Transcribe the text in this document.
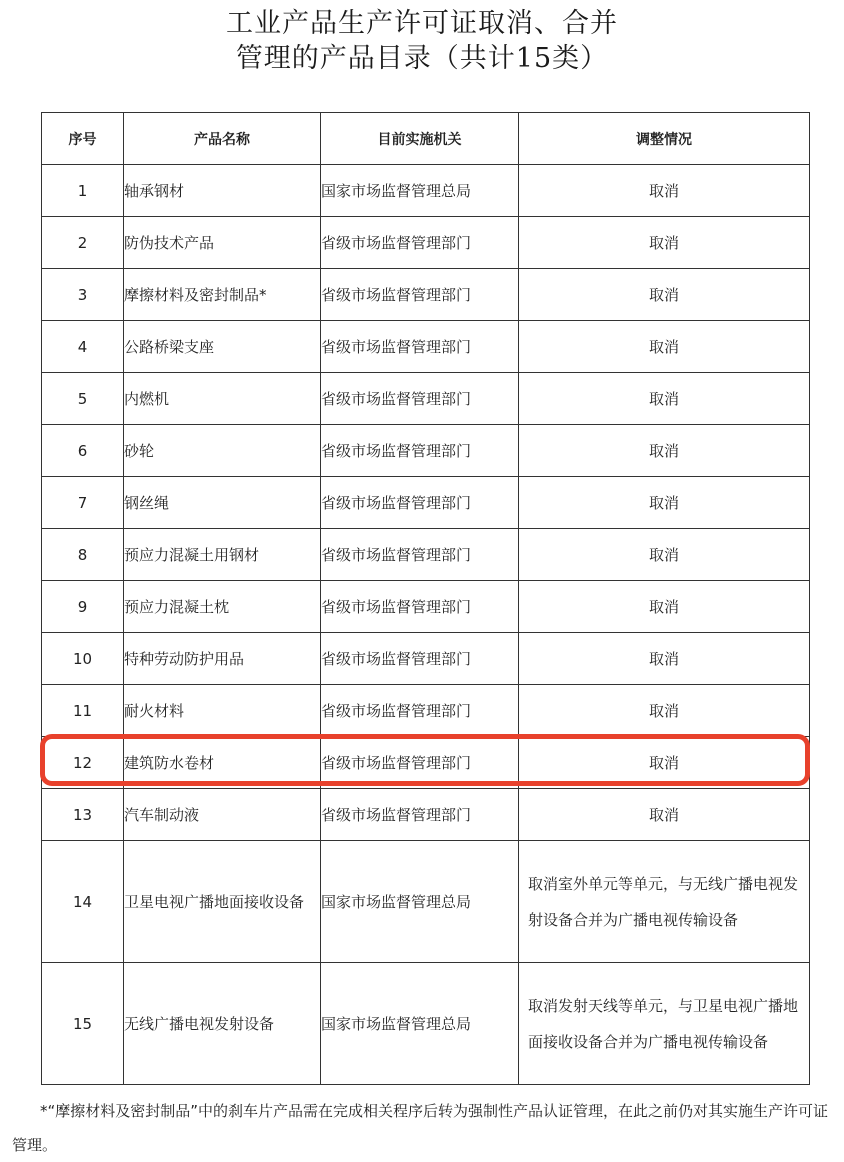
工业产品生产许可证取消、合并
管理的产品目录（共计15类）
序号	产品名称	目前实施机关	调整情况
1	轴承钢材	国家市场监督管理总局	取消
2	防伪技术产品	省级市场监督管理部门	取消
3	摩擦材料及密封制品*	省级市场监督管理部门	取消
4	公路桥梁支座	省级市场监督管理部门	取消
5	内燃机	省级市场监督管理部门	取消
6	砂轮	省级市场监督管理部门	取消
7	钢丝绳	省级市场监督管理部门	取消
8	预应力混凝土用钢材	省级市场监督管理部门	取消
9	预应力混凝土枕	省级市场监督管理部门	取消
10	特种劳动防护用品	省级市场监督管理部门	取消
11	耐火材料	省级市场监督管理部门	取消
12	建筑防水卷材	省级市场监督管理部门	取消
13	汽车制动液	省级市场监督管理部门	取消
14	卫星电视广播地面接收设备	国家市场监督管理总局	取消室外单元等单元，与无线广播电视发射设备合并为广播电视传输设备
15	无线广播电视发射设备	国家市场监督管理总局	取消发射天线等单元，与卫星电视广播地面接收设备合并为广播电视传输设备
*“摩擦材料及密封制品”中的刹车片产品需在完成相关程序后转为强制性产品认证管理，在此之前仍对其实施生产许可证管理。
